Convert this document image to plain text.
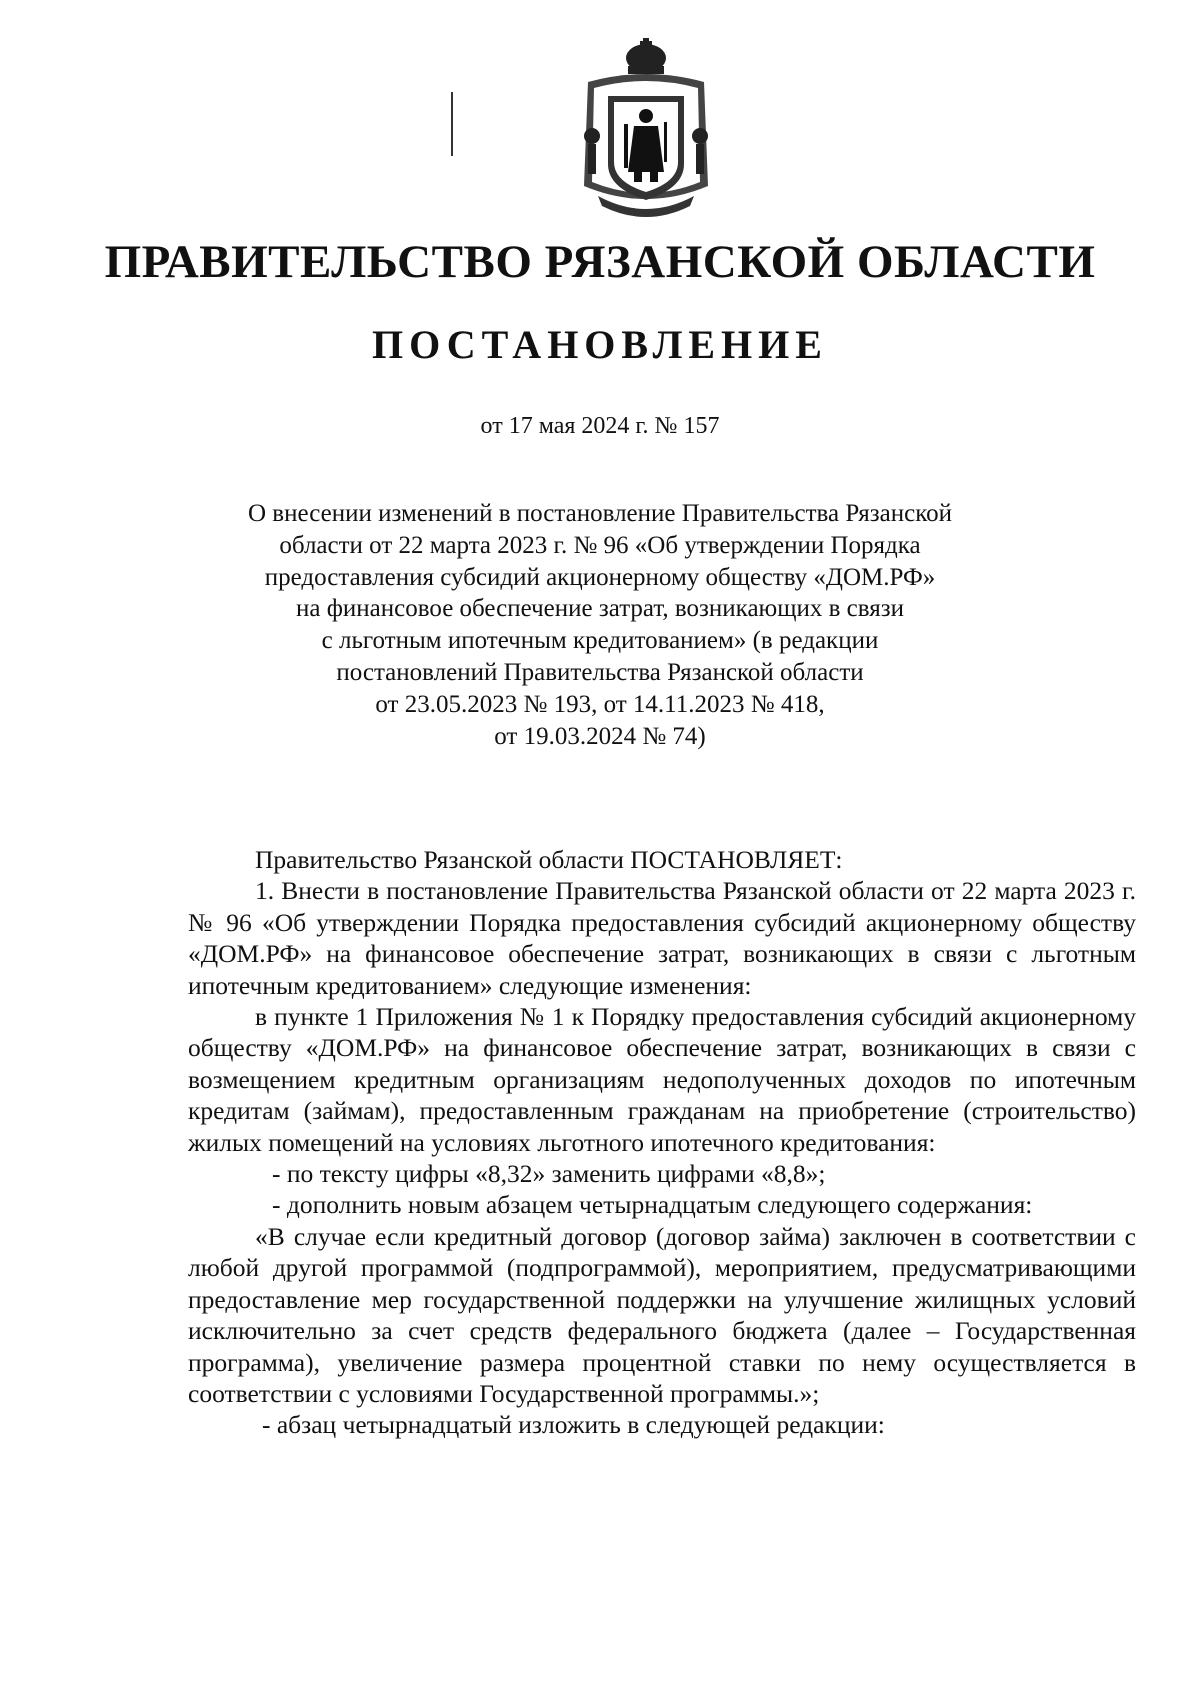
ПРАВИТЕЛЬСТВО РЯЗАНСКОЙ ОБЛАСТИ
ПОСТАНОВЛЕНИЕ
от 17 мая 2024 г. № 157
О внесении изменений в постановление Правительства Рязанской
области от 22 марта 2023 г. № 96 «Об утверждении Порядка
предоставления субсидий акционерному обществу «ДОМ.РФ»
на финансовое обеспечение затрат, возникающих в связи
с льготным ипотечным кредитованием» (в редакции
постановлений Правительства Рязанской области
от 23.05.2023 № 193, от 14.11.2023 № 418,
от 19.03.2024 № 74)

Правительство Рязанской области ПОСТАНОВЛЯЕТ:

1. Внести в постановление Правительства Рязанской области от 22 марта 2023 г. № 96 «Об утверждении Порядка предоставления субсидий акционерному обществу «ДОМ.РФ» на финансовое обеспечение затрат, возникающих в связи с льготным ипотечным кредитованием» следующие изменения:

в пункте 1 Приложения № 1 к Порядку предоставления субсидий акционерному обществу «ДОМ.РФ» на финансовое обеспечение затрат, возникающих в связи с возмещением кредитным организациям недополученных доходов по ипотечным кредитам (займам), предоставленным гражданам на приобретение (строительство) жилых помещений на условиях льготного ипотечного кредитования:

- по тексту цифры «8,32» заменить цифрами «8,8»;

- дополнить новым абзацем четырнадцатым следующего содержания:

«В случае если кредитный договор (договор займа) заключен в соответствии с любой другой программой (подпрограммой), мероприятием, предусматривающими предоставление мер государственной поддержки на улучшение жилищных условий исключительно за счет средств федерального бюджета (далее – Государственная программа), увеличение размера процентной ставки по нему осуществляется в соответствии с условиями Государственной программы.»;

- абзац четырнадцатый изложить в следующей редакции:
